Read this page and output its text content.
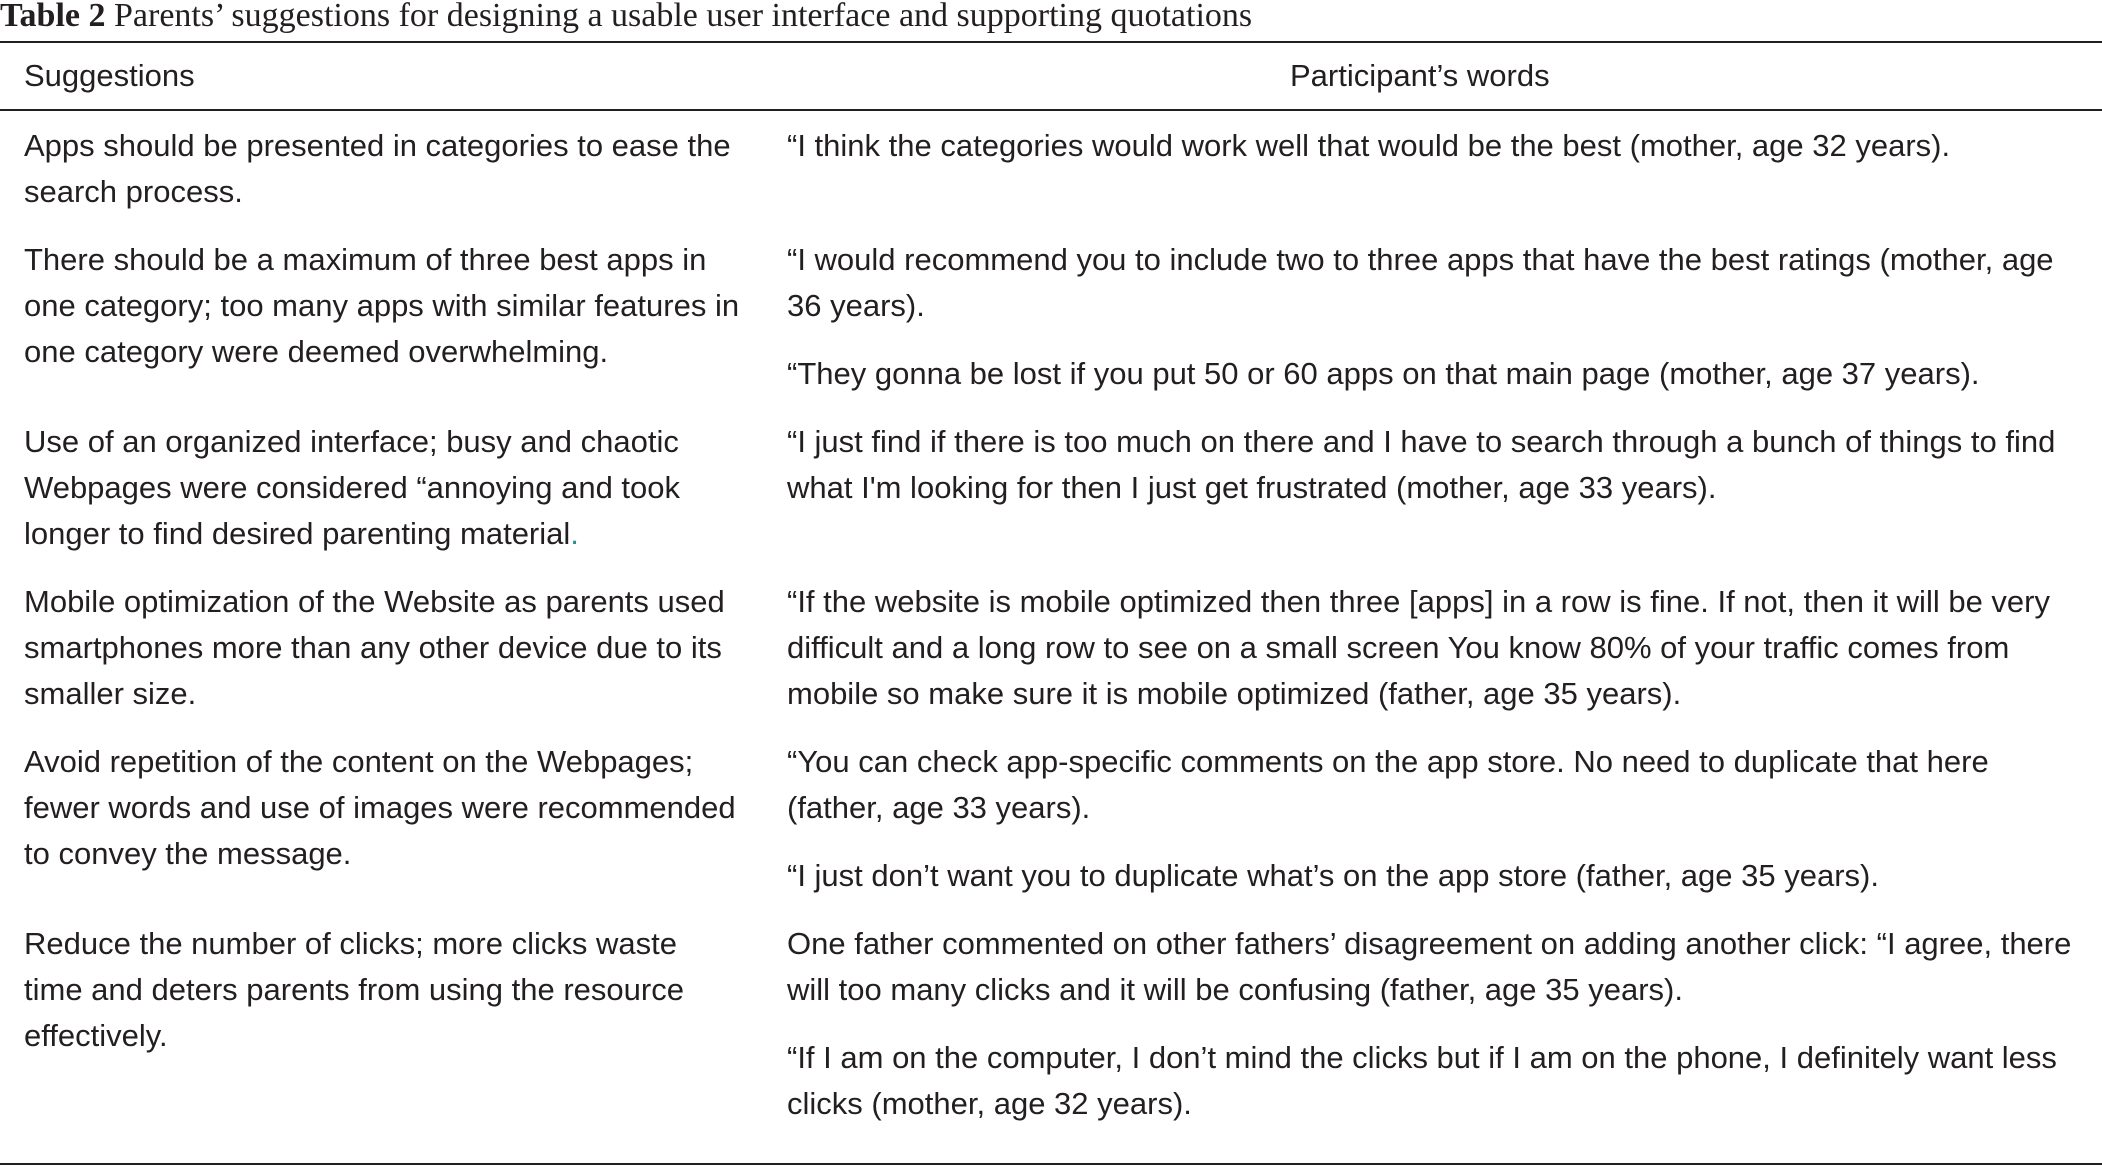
Table 2 Parents’ suggestions for designing a usable user interface and supporting quotations
Suggestions	Participant’s words
Apps should be presented in categories to ease the search process.

“I think the categories would work well that would be the best (mother, age 32 years).

There should be a maximum of three best apps in one category; too many apps with similar features in one category were deemed overwhelming.

“I would recommend you to include two to three apps that have the best ratings (mother, age 36 years).

“They gonna be lost if you put 50 or 60 apps on that main page (mother, age 37 years).

Use of an organized interface; busy and chaotic Webpages were considered “annoying and took longer to find desired parenting material.

“I just find if there is too much on there and I have to search through a bunch of things to find what I'm looking for then I just get frustrated (mother, age 33 years).

Mobile optimization of the Website as parents used smartphones more than any other device due to its smaller size.

“If the website is mobile optimized then three [apps] in a row is fine. If not, then it will be very difficult and a long row to see on a small screen You know 80% of your traffic comes from mobile so make sure it is mobile optimized (father, age 35 years).

Avoid repetition of the content on the Webpages; fewer words and use of images were recommended to convey the message.

“You can check app-specific comments on the app store. No need to duplicate that here (father, age 33 years).

“I just don’t want you to duplicate what’s on the app store (father, age 35 years).

Reduce the number of clicks; more clicks waste time and deters parents from using the resource effectively.

One father commented on other fathers’ disagreement on adding another click: “I agree, there will too many clicks and it will be confusing (father, age 35 years).

“If I am on the computer, I don’t mind the clicks but if I am on the phone, I definitely want less clicks (mother, age 32 years).
